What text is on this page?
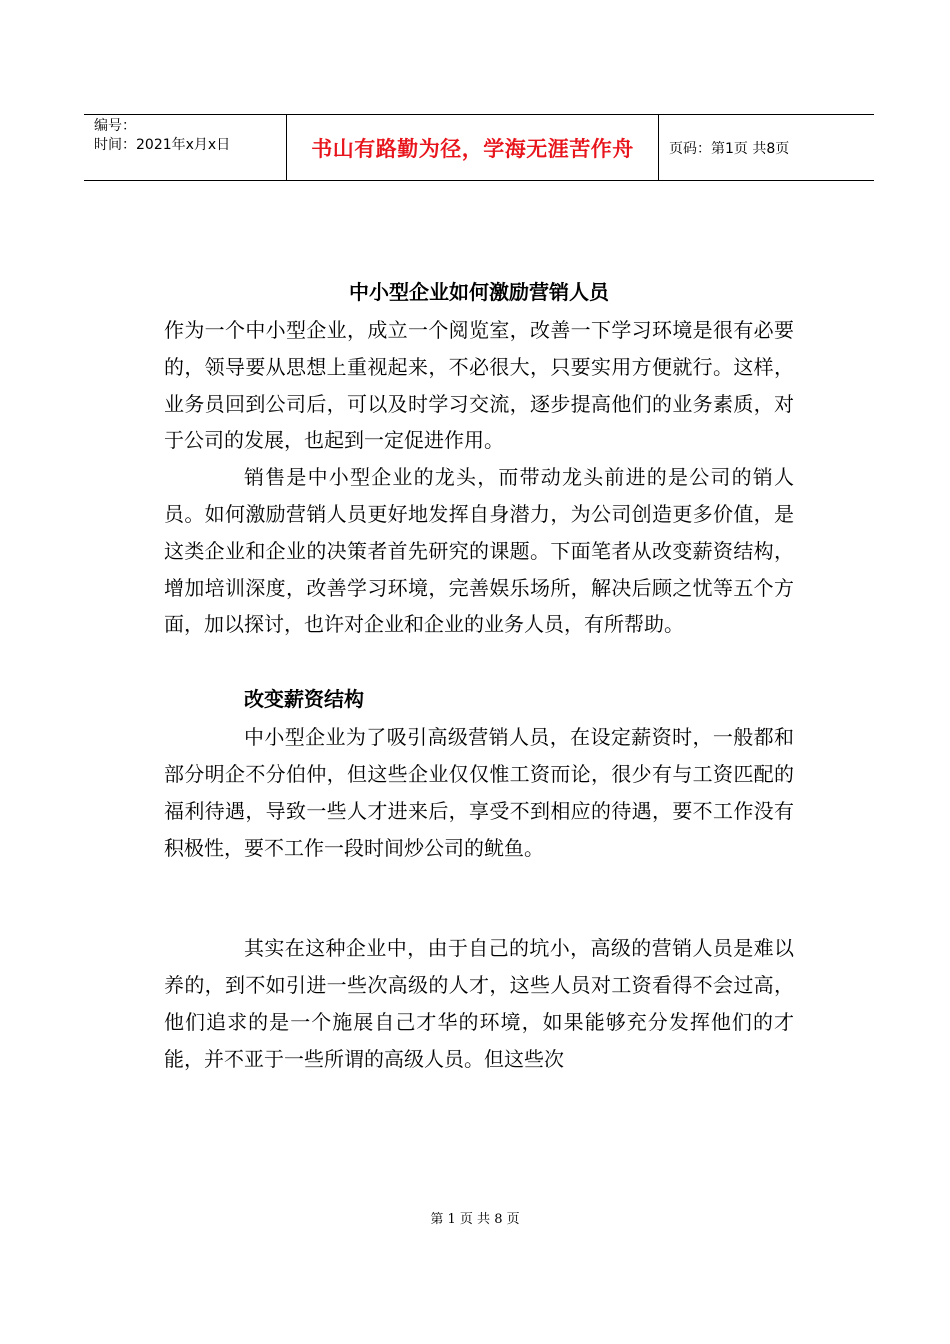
编号：
时间：2021年x月x日	书山有路勤为径，学海无涯苦作舟	页码：第1页 共8页
中小型企业如何激励营销人员

作为一个中小型企业，成立一个阅览室，改善一下学习环境是很有必要的，领导要从思想上重视起来，不必很大，只要实用方便就行。这样，业务员回到公司后，可以及时学习交流，逐步提高他们的业务素质，对于公司的发展，也起到一定促进作用。

销售是中小型企业的龙头，而带动龙头前进的是公司的销人员。如何激励营销人员更好地发挥自身潜力，为公司创造更多价值，是这类企业和企业的决策者首先研究的课题。下面笔者从改变薪资结构，增加培训深度，改善学习环境，完善娱乐场所，解决后顾之忧等五个方面，加以探讨，也许对企业和企业的业务人员，有所帮助。

改变薪资结构

中小型企业为了吸引高级营销人员，在设定薪资时，一般都和部分明企不分伯仲，但这些企业仅仅惟工资而论，很少有与工资匹配的福利待遇，导致一些人才进来后，享受不到相应的待遇，要不工作没有积极性，要不工作一段时间炒公司的鱿鱼。

其实在这种企业中，由于自己的坑小，高级的营销人员是难以养的，到不如引进一些次高级的人才，这些人员对工资看得不会过高，他们追求的是一个施展自己才华的环境，如果能够充分发挥他们的才能，并不亚于一些所谓的高级人员。但这些次

第 1 页 共 8 页
